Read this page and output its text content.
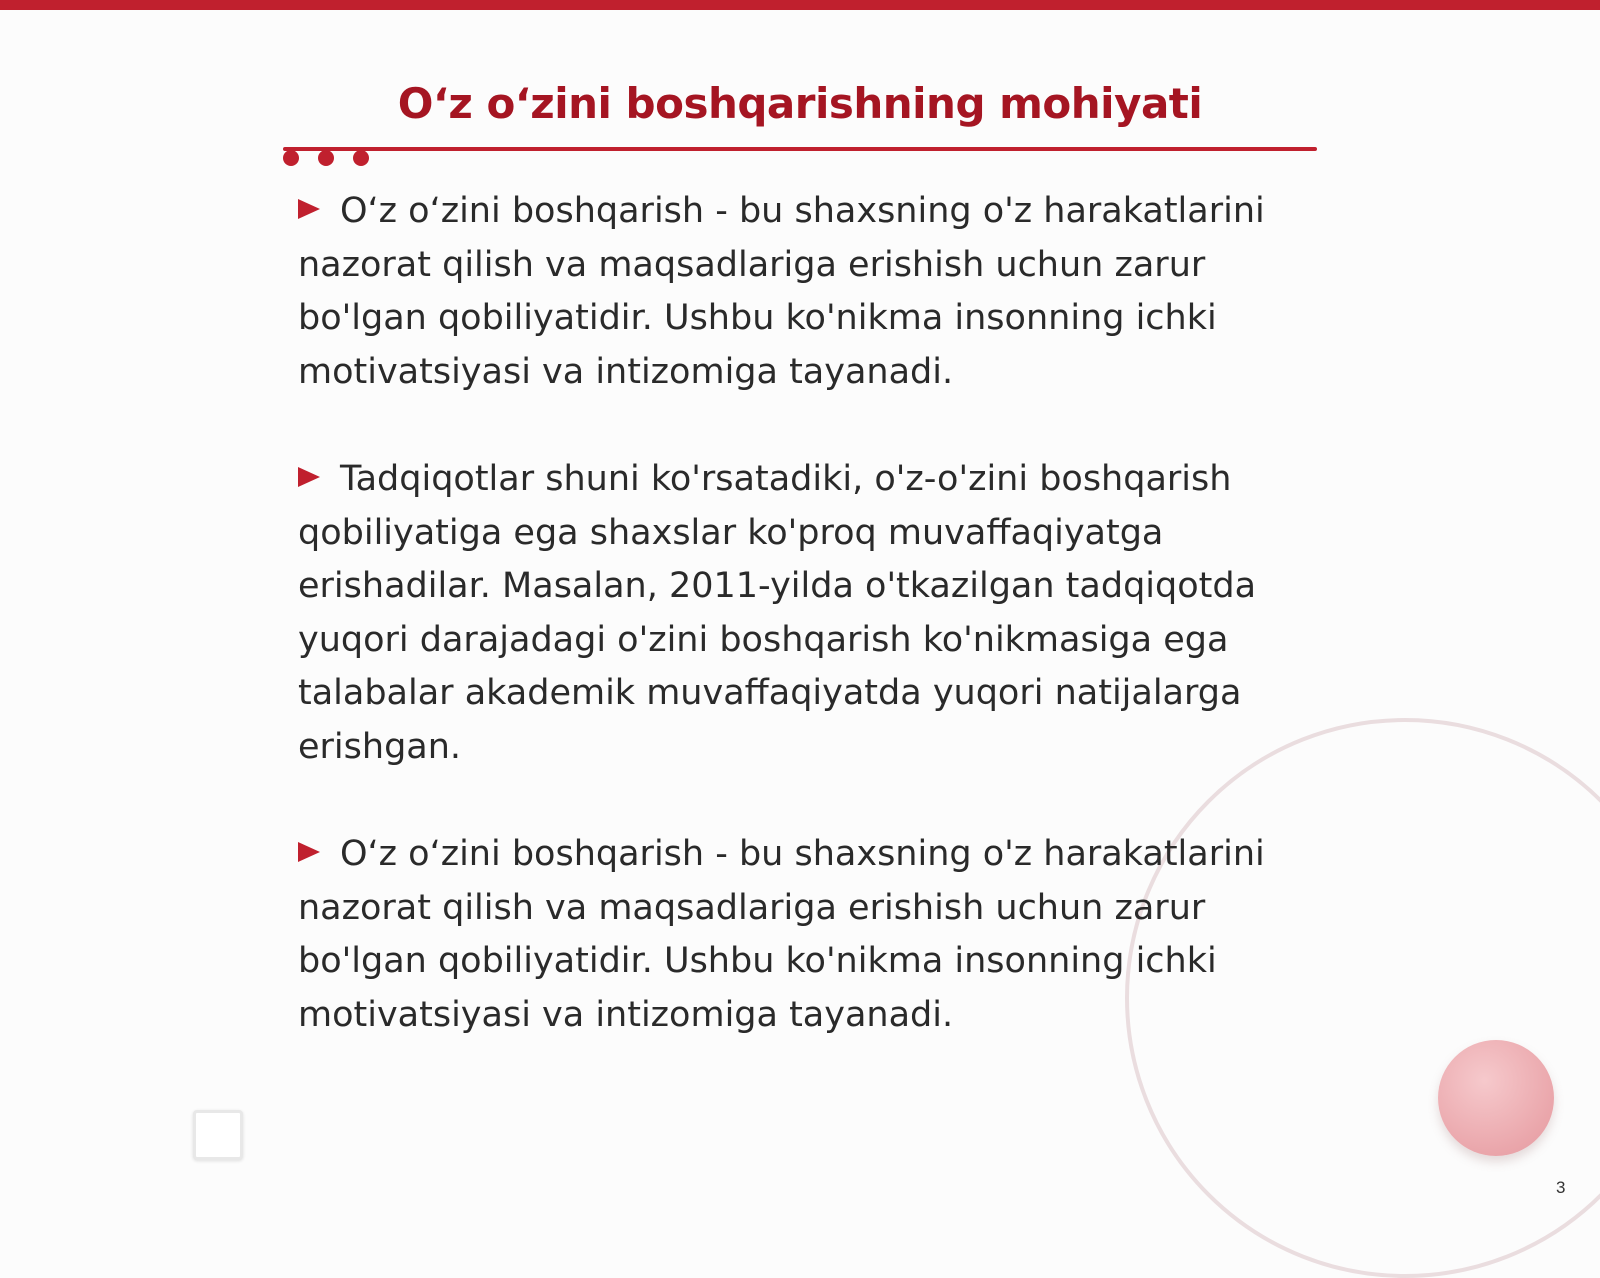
O‘z o‘zini boshqarishning mohiyati

O‘z o‘zini boshqarish - bu shaxsning o'z harakatlarini nazorat qilish va maqsadlariga erishish uchun zarur bo'lgan qobiliyatidir. Ushbu ko'nikma insonning ichki motivatsiyasi va intizomiga tayanadi.

Tadqiqotlar shuni ko'rsatadiki, o'z-o'zini boshqarish qobiliyatiga ega shaxslar ko'proq muvaffaqiyatga erishadilar. Masalan, 2011-yilda o'tkazilgan tadqiqotda yuqori darajadagi o'zini boshqarish ko'nikmasiga ega talabalar akademik muvaffaqiyatda yuqori natijalarga erishgan.

O‘z o‘zini boshqarish - bu shaxsning o'z harakatlarini nazorat qilish va maqsadlariga erishish uchun zarur bo'lgan qobiliyatidir. Ushbu ko'nikma insonning ichki motivatsiyasi va intizomiga tayanadi.

3
